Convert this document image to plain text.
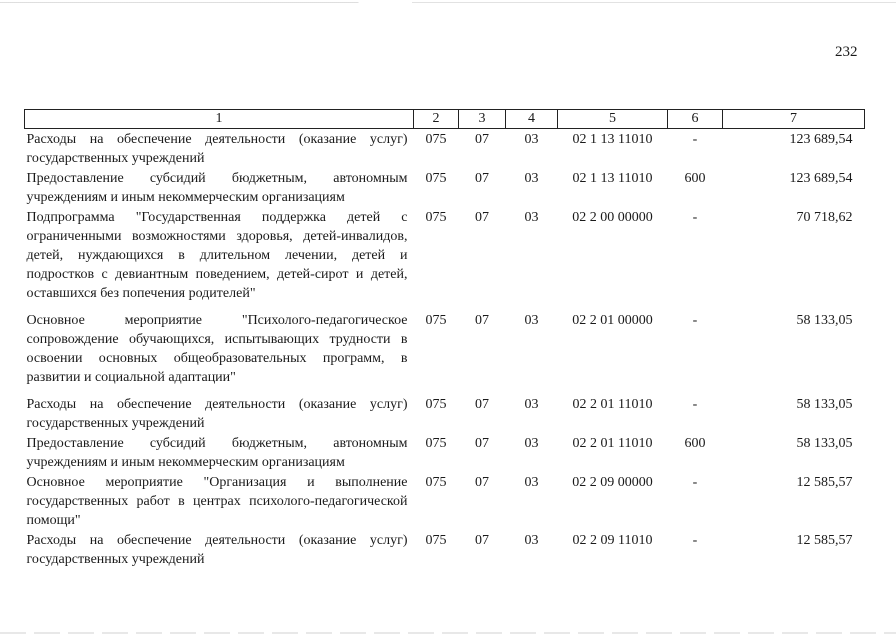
232
1	2	3	4	5	6	7
Расходы на обеспечение деятельности (оказание услуг) государственных учреждений	075	07	03	02 1 13 11010	-	123 689,54
Предоставление субсидий бюджетным, автономным учреждениям и иным некоммерческим организациям	075	07	03	02 1 13 11010	600	123 689,54
Подпрограмма "Государственная поддержка детей с ограниченными возможностями здоровья, детей-инвалидов, детей, нуждающихся в длительном лечении, детей и подростков с девиантным поведением, детей-сирот и детей, оставшихся без попечения родителей"	075	07	03	02 2 00 00000	-	70 718,62
Основное мероприятие "Психолого-педагогическое сопровождение обучающихся, испытывающих трудности в освоении основных общеобразовательных программ, в развитии и социальной адаптации"	075	07	03	02 2 01 00000	-	58 133,05
Расходы на обеспечение деятельности (оказание услуг) государственных учреждений	075	07	03	02 2 01 11010	-	58 133,05
Предоставление субсидий бюджетным, автономным учреждениям и иным некоммерческим организациям	075	07	03	02 2 01 11010	600	58 133,05
Основное мероприятие "Организация и выполнение государственных работ в центрах психолого-педагогической помощи"	075	07	03	02 2 09 00000	-	12 585,57
Расходы на обеспечение деятельности (оказание услуг) государственных учреждений	075	07	03	02 2 09 11010	-	12 585,57
